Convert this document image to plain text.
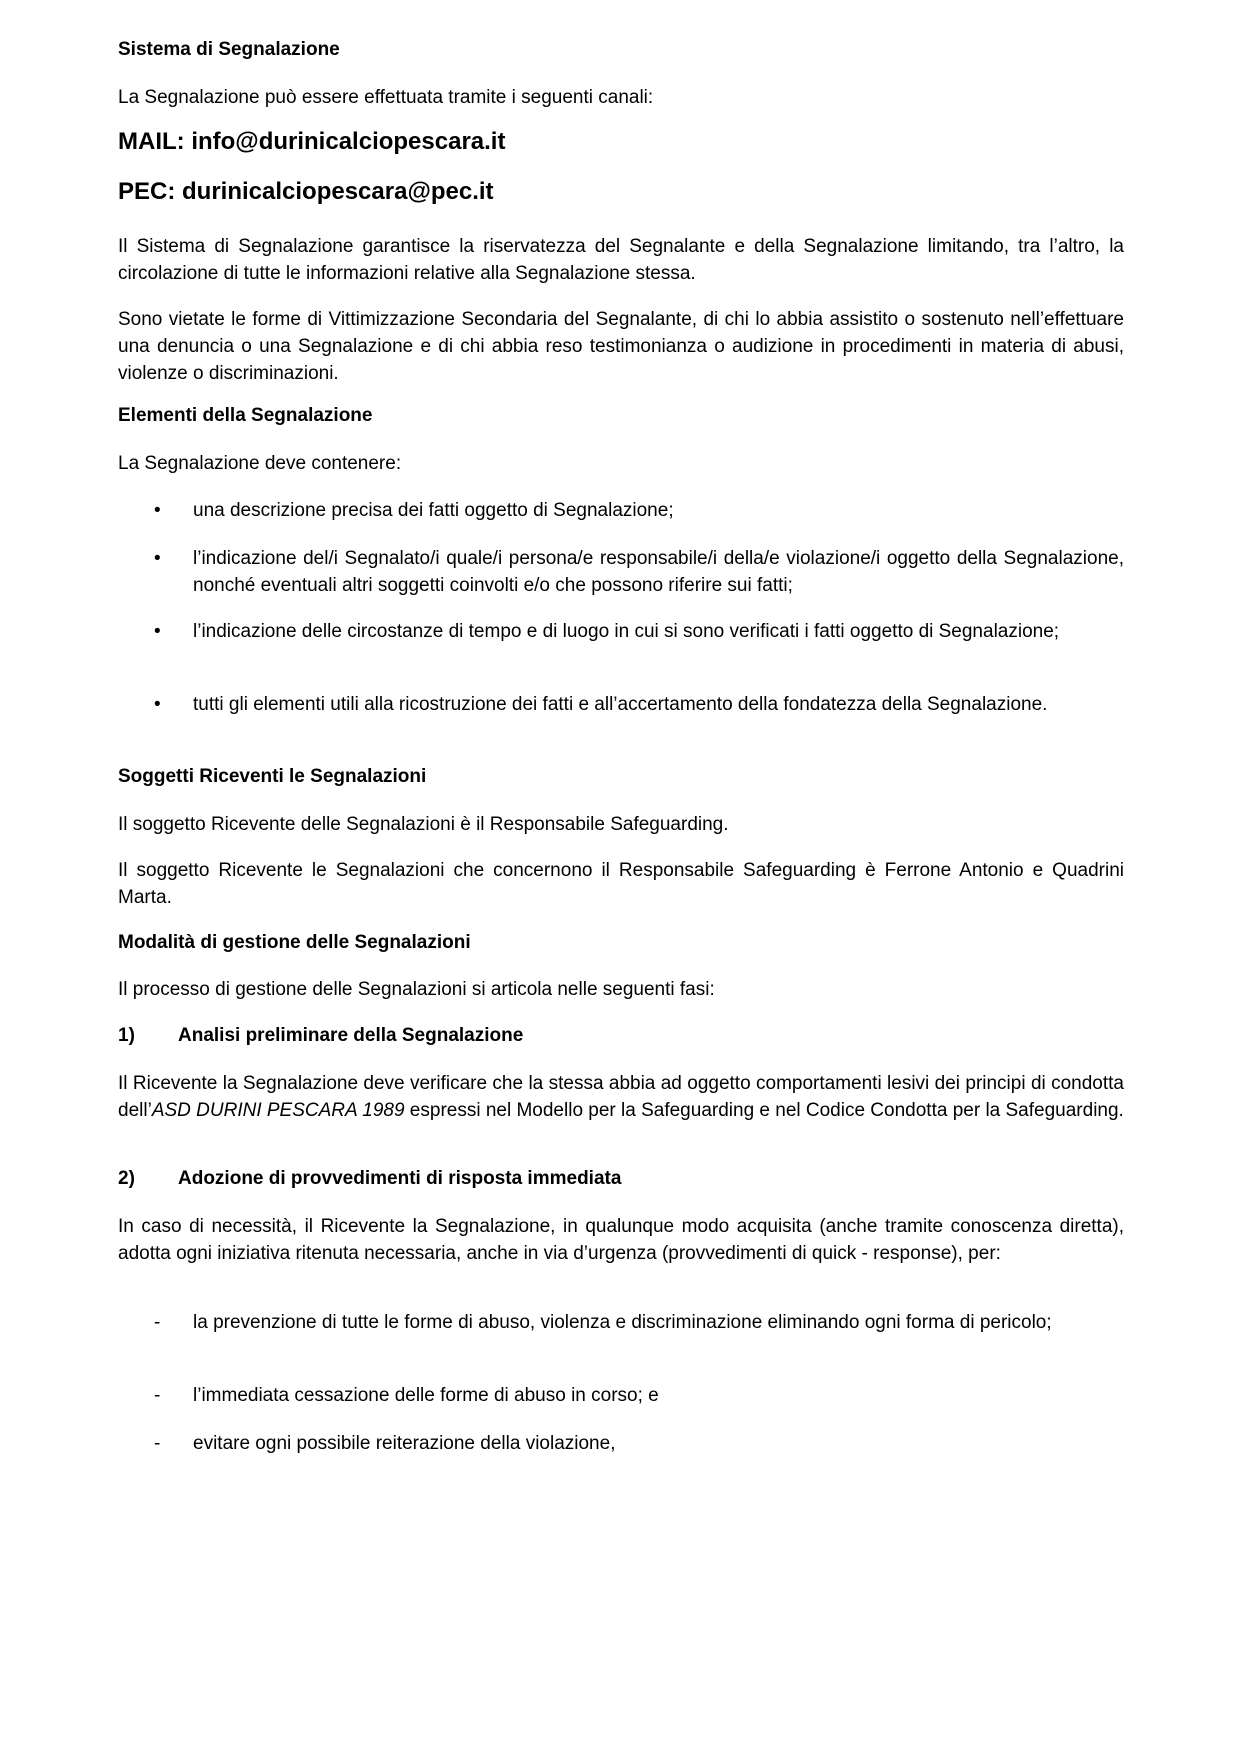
Sistema di Segnalazione

La Segnalazione può essere effettuata tramite i seguenti canali:

MAIL: info@durinicalciopescara.it

PEC: durinicalciopescara@pec.it

Il Sistema di Segnalazione garantisce la riservatezza del Segnalante e della Segnalazione limitando, tra l’altro, la circolazione di tutte le informazioni relative alla Segnalazione stessa.

Sono vietate le forme di Vittimizzazione Secondaria del Segnalante, di chi lo abbia assistito o sostenuto nell’effettuare una denuncia o una Segnalazione e di chi abbia reso testimonianza o audizione in procedimenti in materia di abusi, violenze o discriminazioni.

Elementi della Segnalazione

La Segnalazione deve contenere:

• una descrizione precisa dei fatti oggetto di Segnalazione;
• l’indicazione del/i Segnalato/i quale/i persona/e responsabile/i della/e violazione/i oggetto della Segnalazione, nonché eventuali altri soggetti coinvolti e/o che possono riferire sui fatti;
• l’indicazione delle circostanze di tempo e di luogo in cui si sono verificati i fatti oggetto di Segnalazione;
• tutti gli elementi utili alla ricostruzione dei fatti e all’accertamento della fondatezza della Segnalazione.

Soggetti Riceventi le Segnalazioni

Il soggetto Ricevente delle Segnalazioni è il Responsabile Safeguarding.

Il soggetto Ricevente le Segnalazioni che concernono il Responsabile Safeguarding è Ferrone Antonio e Quadrini Marta.

Modalità di gestione delle Segnalazioni

Il processo di gestione delle Segnalazioni si articola nelle seguenti fasi:

1) Analisi preliminare della Segnalazione

Il Ricevente la Segnalazione deve verificare che la stessa abbia ad oggetto comportamenti lesivi dei principi di condotta dell’ASD DURINI PESCARA 1989 espressi nel Modello per la Safeguarding e nel Codice Condotta per la Safeguarding.

2) Adozione di provvedimenti di risposta immediata

In caso di necessità, il Ricevente la Segnalazione, in qualunque modo acquisita (anche tramite conoscenza diretta), adotta ogni iniziativa ritenuta necessaria, anche in via d’urgenza (provvedimenti di quick - response), per:

- la prevenzione di tutte le forme di abuso, violenza e discriminazione eliminando ogni forma di pericolo;
- l’immediata cessazione delle forme di abuso in corso; e
- evitare ogni possibile reiterazione della violazione,
